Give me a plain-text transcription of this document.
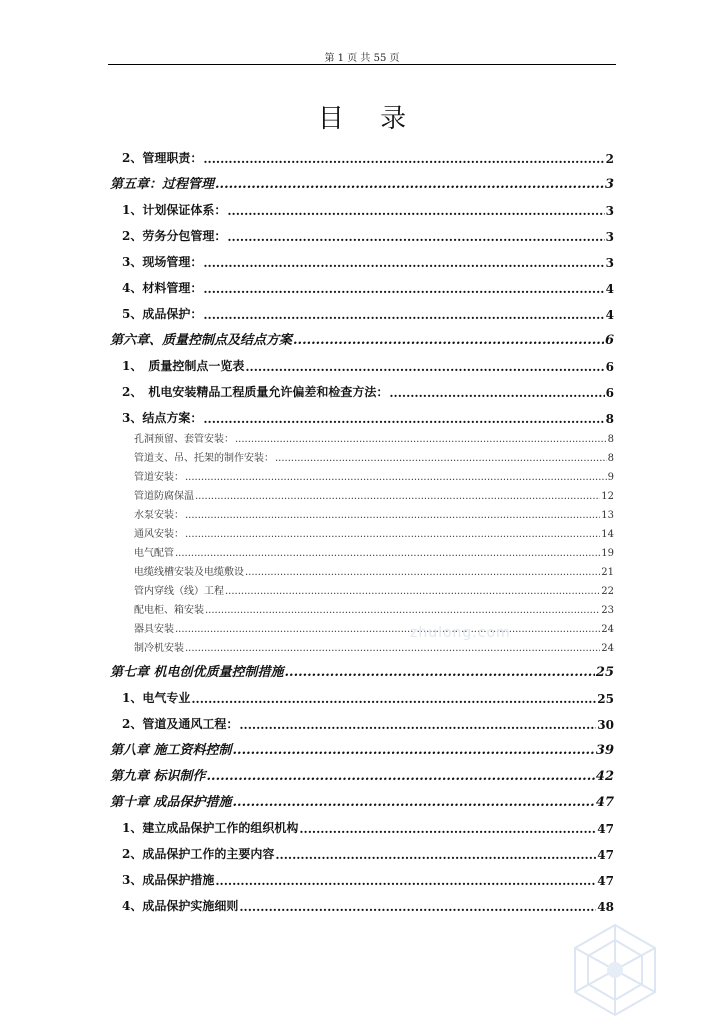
第 1 页 共 55 页
目 录
2、管理职责： .....	2
第五章：过程管理 .....	3
1、计划保证体系： .....	3
2、劳务分包管理： .....	3
3、现场管理： .....	3
4、材料管理： .....	4
5、成品保护： .....	4
第六章、质量控制点及结点方案 .....	6
1、　质量控制点一览表 .....	6
2、　机电安装精品工程质量允许偏差和检查方法： .....	6
3、结点方案： .....	8
孔洞预留、套管安装： .....	8
管道支、吊、托架的制作安装： .....	8
管道安装： .....	9
管道防腐保温 .....	12
水泵安装： .....	13
通风安装： .....	14
电气配管 .....	19
电缆线槽安装及电缆敷设 .....	21
管内穿线（线）工程 .....	22
配电柜、箱安装 .....	23
器具安装 .....	24
制冷机安装 .....	24
第七章 机电创优质量控制措施 .....	25
1、电气专业 .....	25
2、管道及通风工程： .....	30
第八章 施工资料控制 .....	39
第九章 标识制作 .....	42
第十章 成品保护措施 .....	47
1、建立成品保护工作的组织机构 .....	47
2、成品保护工作的主要内容 .....	47
3、成品保护措施 .....	47
4、成品保护实施细则 .....	48
zhulong.com
